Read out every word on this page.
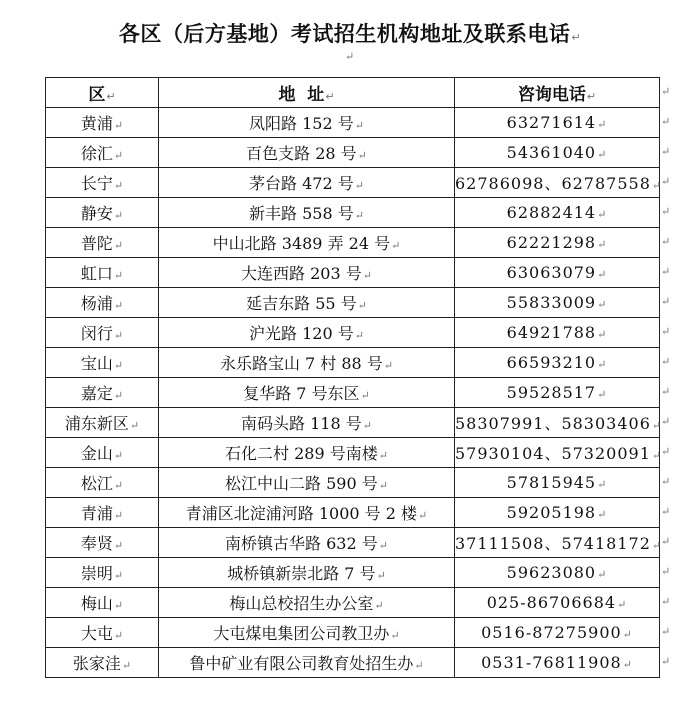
各区（后方基地）考试招生机构地址及联系电话↵
↵
区↵	地  址↵	咨询电话↵
黄浦↵	凤阳路 152 号↵	63271614↵
徐汇↵	百色支路 28 号↵	54361040↵
长宁↵	茅台路 472 号↵	62786098、62787558↵
静安↵	新丰路 558 号↵	62882414↵
普陀↵	中山北路 3489 弄 24 号↵	62221298↵
虹口↵	大连西路 203 号↵	63063079↵
杨浦↵	延吉东路 55 号↵	55833009↵
闵行↵	沪光路 120 号↵	64921788↵
宝山↵	永乐路宝山 7 村 88 号↵	66593210↵
嘉定↵	复华路 7 号东区↵	59528517↵
浦东新区↵	南码头路 118 号↵	58307991、58303406↵
金山↵	石化二村 289 号南楼↵	57930104、57320091↵
松江↵	松江中山二路 590 号↵	57815945↵
青浦↵	青浦区北淀浦河路 1000 号 2 楼↵	59205198↵
奉贤↵	南桥镇古华路 632 号↵	37111508、57418172↵
崇明↵	城桥镇新崇北路 7 号↵	59623080↵
梅山↵	梅山总校招生办公室↵	025-86706684↵
大屯↵	大屯煤电集团公司教卫办↵	0516-87275900↵
张家洼↵	鲁中矿业有限公司教育处招生办↵	0531-76811908↵
↵
↵
↵
↵
↵
↵
↵
↵
↵
↵
↵
↵
↵
↵
↵
↵
↵
↵
↵
↵
